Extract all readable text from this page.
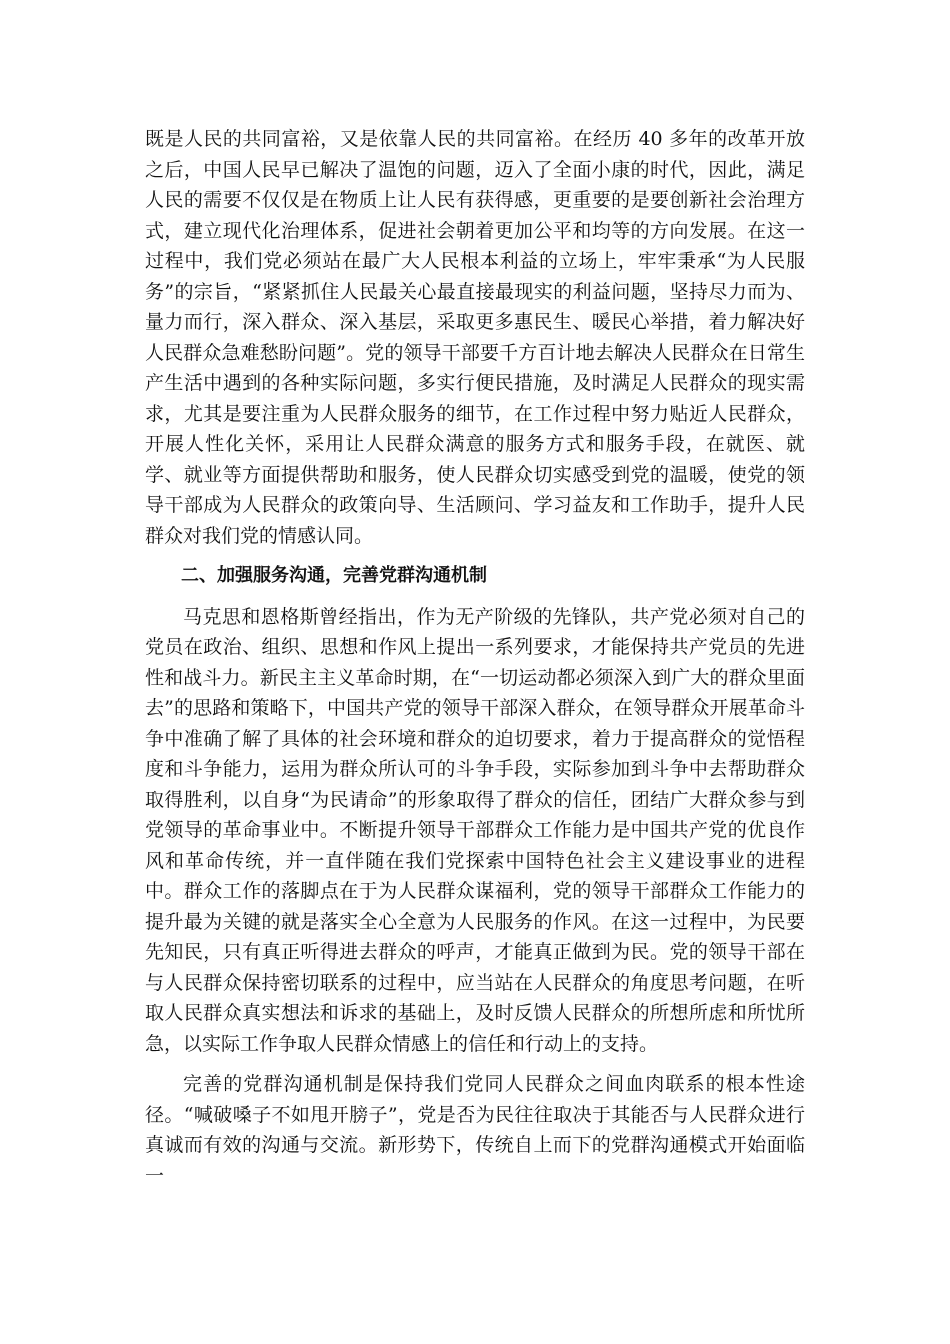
既是人民的共同富裕，又是依靠人民的共同富裕。在经历 40 多年的改革开放之后，中国人民早已解决了温饱的问题，迈入了全面小康的时代，因此，满足人民的需要不仅仅是在物质上让人民有获得感，更重要的是要创新社会治理方式，建立现代化治理体系，促进社会朝着更加公平和均等的方向发展。在这一过程中，我们党必须站在最广大人民根本利益的立场上，牢牢秉承“为人民服务”的宗旨，“紧紧抓住人民最关心最直接最现实的利益问题，坚持尽力而为、量力而行，深入群众、深入基层，采取更多惠民生、暖民心举措，着力解决好人民群众急难愁盼问题”。党的领导干部要千方百计地去解决人民群众在日常生产生活中遇到的各种实际问题，多实行便民措施，及时满足人民群众的现实需求，尤其是要注重为人民群众服务的细节，在工作过程中努力贴近人民群众，开展人性化关怀，采用让人民群众满意的服务方式和服务手段，在就医、就学、就业等方面提供帮助和服务，使人民群众切实感受到党的温暖，使党的领导干部成为人民群众的政策向导、生活顾问、学习益友和工作助手，提升人民群众对我们党的情感认同。

二、加强服务沟通，完善党群沟通机制

马克思和恩格斯曾经指出，作为无产阶级的先锋队，共产党必须对自己的党员在政治、组织、思想和作风上提出一系列要求，才能保持共产党员的先进性和战斗力。新民主主义革命时期，在“一切运动都必须深入到广大的群众里面去”的思路和策略下，中国共产党的领导干部深入群众，在领导群众开展革命斗争中准确了解了具体的社会环境和群众的迫切要求，着力于提高群众的觉悟程度和斗争能力，运用为群众所认可的斗争手段，实际参加到斗争中去帮助群众取得胜利，以自身“为民请命”的形象取得了群众的信任，团结广大群众参与到党领导的革命事业中。不断提升领导干部群众工作能力是中国共产党的优良作风和革命传统，并一直伴随在我们党探索中国特色社会主义建设事业的进程中。群众工作的落脚点在于为人民群众谋福利，党的领导干部群众工作能力的提升最为关键的就是落实全心全意为人民服务的作风。在这一过程中，为民要先知民，只有真正听得进去群众的呼声，才能真正做到为民。党的领导干部在与人民群众保持密切联系的过程中，应当站在人民群众的角度思考问题，在听取人民群众真实想法和诉求的基础上，及时反馈人民群众的所想所虑和所忧所急，以实际工作争取人民群众情感上的信任和行动上的支持。

完善的党群沟通机制是保持我们党同人民群众之间血肉联系的根本性途径。“喊破嗓子不如甩开膀子”，党是否为民往往取决于其能否与人民群众进行真诚而有效的沟通与交流。新形势下，传统自上而下的党群沟通模式开始面临一
